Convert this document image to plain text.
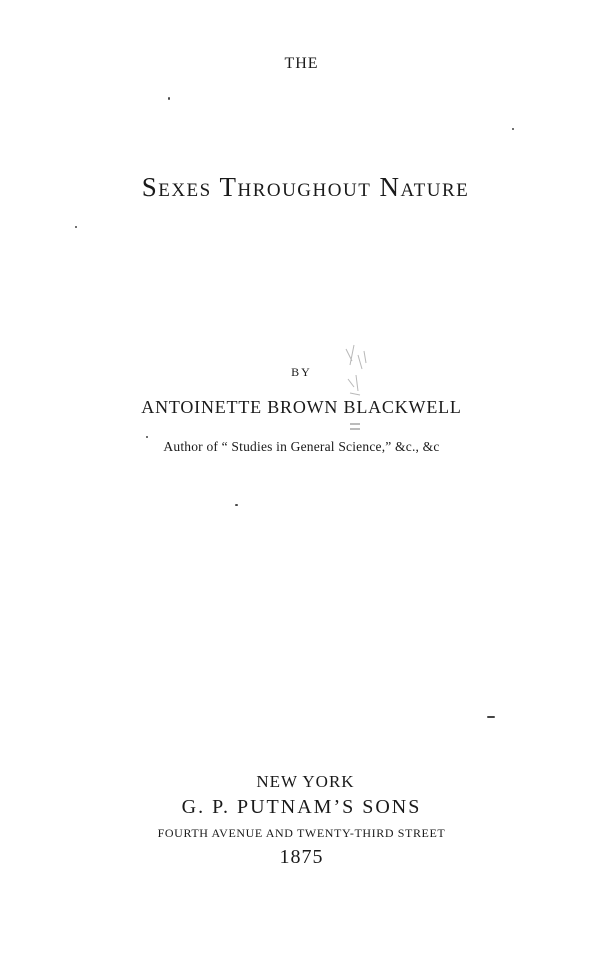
THE
Sexes Throughout Nature
BY
ANTOINETTE BROWN BLACKWELL
Author of “ Studies in General Science,” &c., &c
NEW YORK
G. P. PUTNAM’S SONS
FOURTH AVENUE AND TWENTY-THIRD STREET
1875
